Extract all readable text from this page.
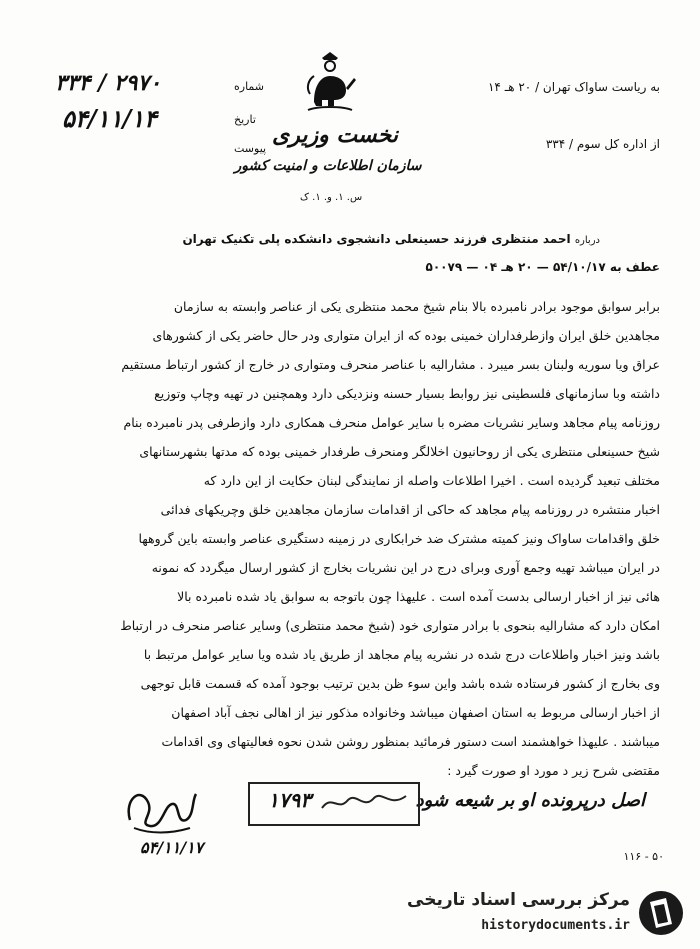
به ریاست ساواک تهران / ۲۰ هـ ۱۴
از اداره کل سوم / ۳۳۴
شماره
۳۳۴ / ۲۹۷۰
تاریخ
۵۴/۱۱/۱۴
پیوست
نخست وزیری
سازمان اطلاعات و امنیت کشور
س. ۱. و. ۱. ک
درباره احمد منتظری فرزند حسینعلی دانشجوی دانشکده پلی تکنیک تهران
عطف به ۵۴/۱۰/۱۷ — ۲۰ هـ ۰۴ — ۵۰۰۷۹
برابر سوابق موجود برادر نامبرده بالا بنام شیخ محمد منتظری یکی از عناصر وابسته به سازمان
مجاهدین خلق ایران وازطرفداران خمینی بوده که از ایران متواری ودر حال حاضر یکی از کشورهای
عراق ویا سوریه ولبنان بسر میبرد . مشارالیه با عناصر منحرف ومتواری در خارج از کشور ارتباط مستقیم
داشته وبا سازمانهای فلسطینی نیز روابط بسیار حسنه ونزدیکی دارد وهمچنین در تهیه وچاپ وتوزیع
روزنامه پیام مجاهد وسایر نشریات مضره با سایر عوامل منحرف همکاری دارد وازطرفی پدر نامبرده بنام
شیخ حسینعلی منتظری یکی از روحانیون اخلالگر ومنحرف طرفدار خمینی بوده که مدتها بشهرستانهای
مختلف تبعید گردیده است . اخیرا اطلاعات واصله از نمایندگی لبنان حکایت از این دارد که
اخبار منتشره در روزنامه پیام مجاهد که حاکی از اقدامات سازمان مجاهدین خلق وچریکهای فدائی
خلق واقدامات ساواک ونیز کمیته مشترک ضد خرابکاری در زمینه دستگیری عناصر وابسته باین گروهها
در ایران میباشد تهیه وجمع آوری وبرای درج در این نشریات بخارج از کشور ارسال میگردد که نمونه
هائی نیز از اخبار ارسالی بدست آمده است . علیهذا چون باتوجه به سوابق یاد شده نامبرده بالا
امکان دارد که مشارالیه بنحوی با برادر متواری خود (شیخ محمد منتظری) وسایر عناصر منحرف در ارتباط
باشد ونیز اخبار واطلاعات درج شده در نشریه پیام مجاهد از طریق یاد شده ویا سایر عوامل مرتبط با
وی بخارج از کشور فرستاده شده باشد واین سوء ظن بدین ترتیب بوجود آمده که قسمت قابل توجهی
از اخبار ارسالی مربوط به استان اصفهان میباشد وخانواده مذکور نیز از اهالی نجف آباد اصفهان
میباشند . علیهذا خواهشمند است دستور فرمائید بمنظور روشن شدن نحوه فعالیتهای وی اقدامات
مقتضی شرح زیر د مورد او صورت گیرد :
اصل درپرونده او بر شیعه شود
۱۷۹۳
۵۴/۱۱/۱۷	۱۱۶ - ۵۰
مرکز بررسی اسناد تاریخی
historydocuments.ir
